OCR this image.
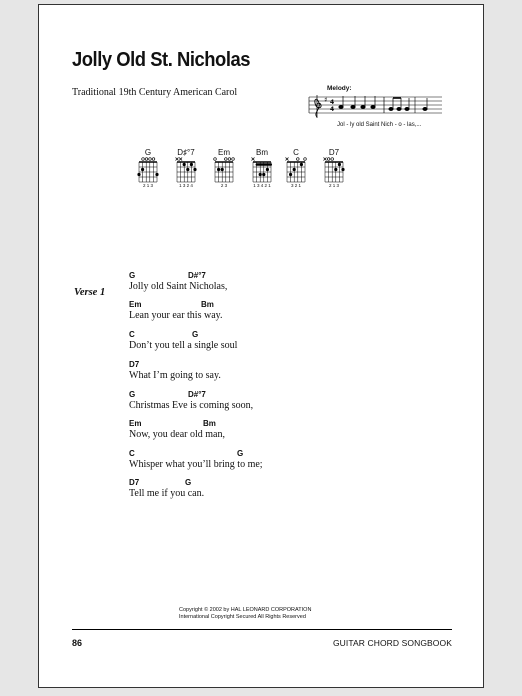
Jolly Old St. Nicholas
Traditional 19th Century American Carol	Melody:
♯ 4
4
Jol - ly old Saint Nich - o - las,...
G
2 1 3
D♯°7
1 3 2 4
Em
2 3
Bm
1 3 4 2 1
C
3 2 1
D7
2 1 3
Verse 1
G	D#°7
Jolly old Saint Nicholas,
Em	Bm
Lean your ear this way.
C	G
Don’t you tell a single soul
D7
What I’m going to say.
G	D#°7
Christmas Eve is coming soon,
Em	Bm
Now, you dear old man,
C	G
Whisper what you’ll bring to me;
D7	G
Tell me if you can.
Copyright © 2002 by HAL LEONARD CORPORATION
International Copyright Secured All Rights Reserved
86	GUITAR CHORD SONGBOOK
